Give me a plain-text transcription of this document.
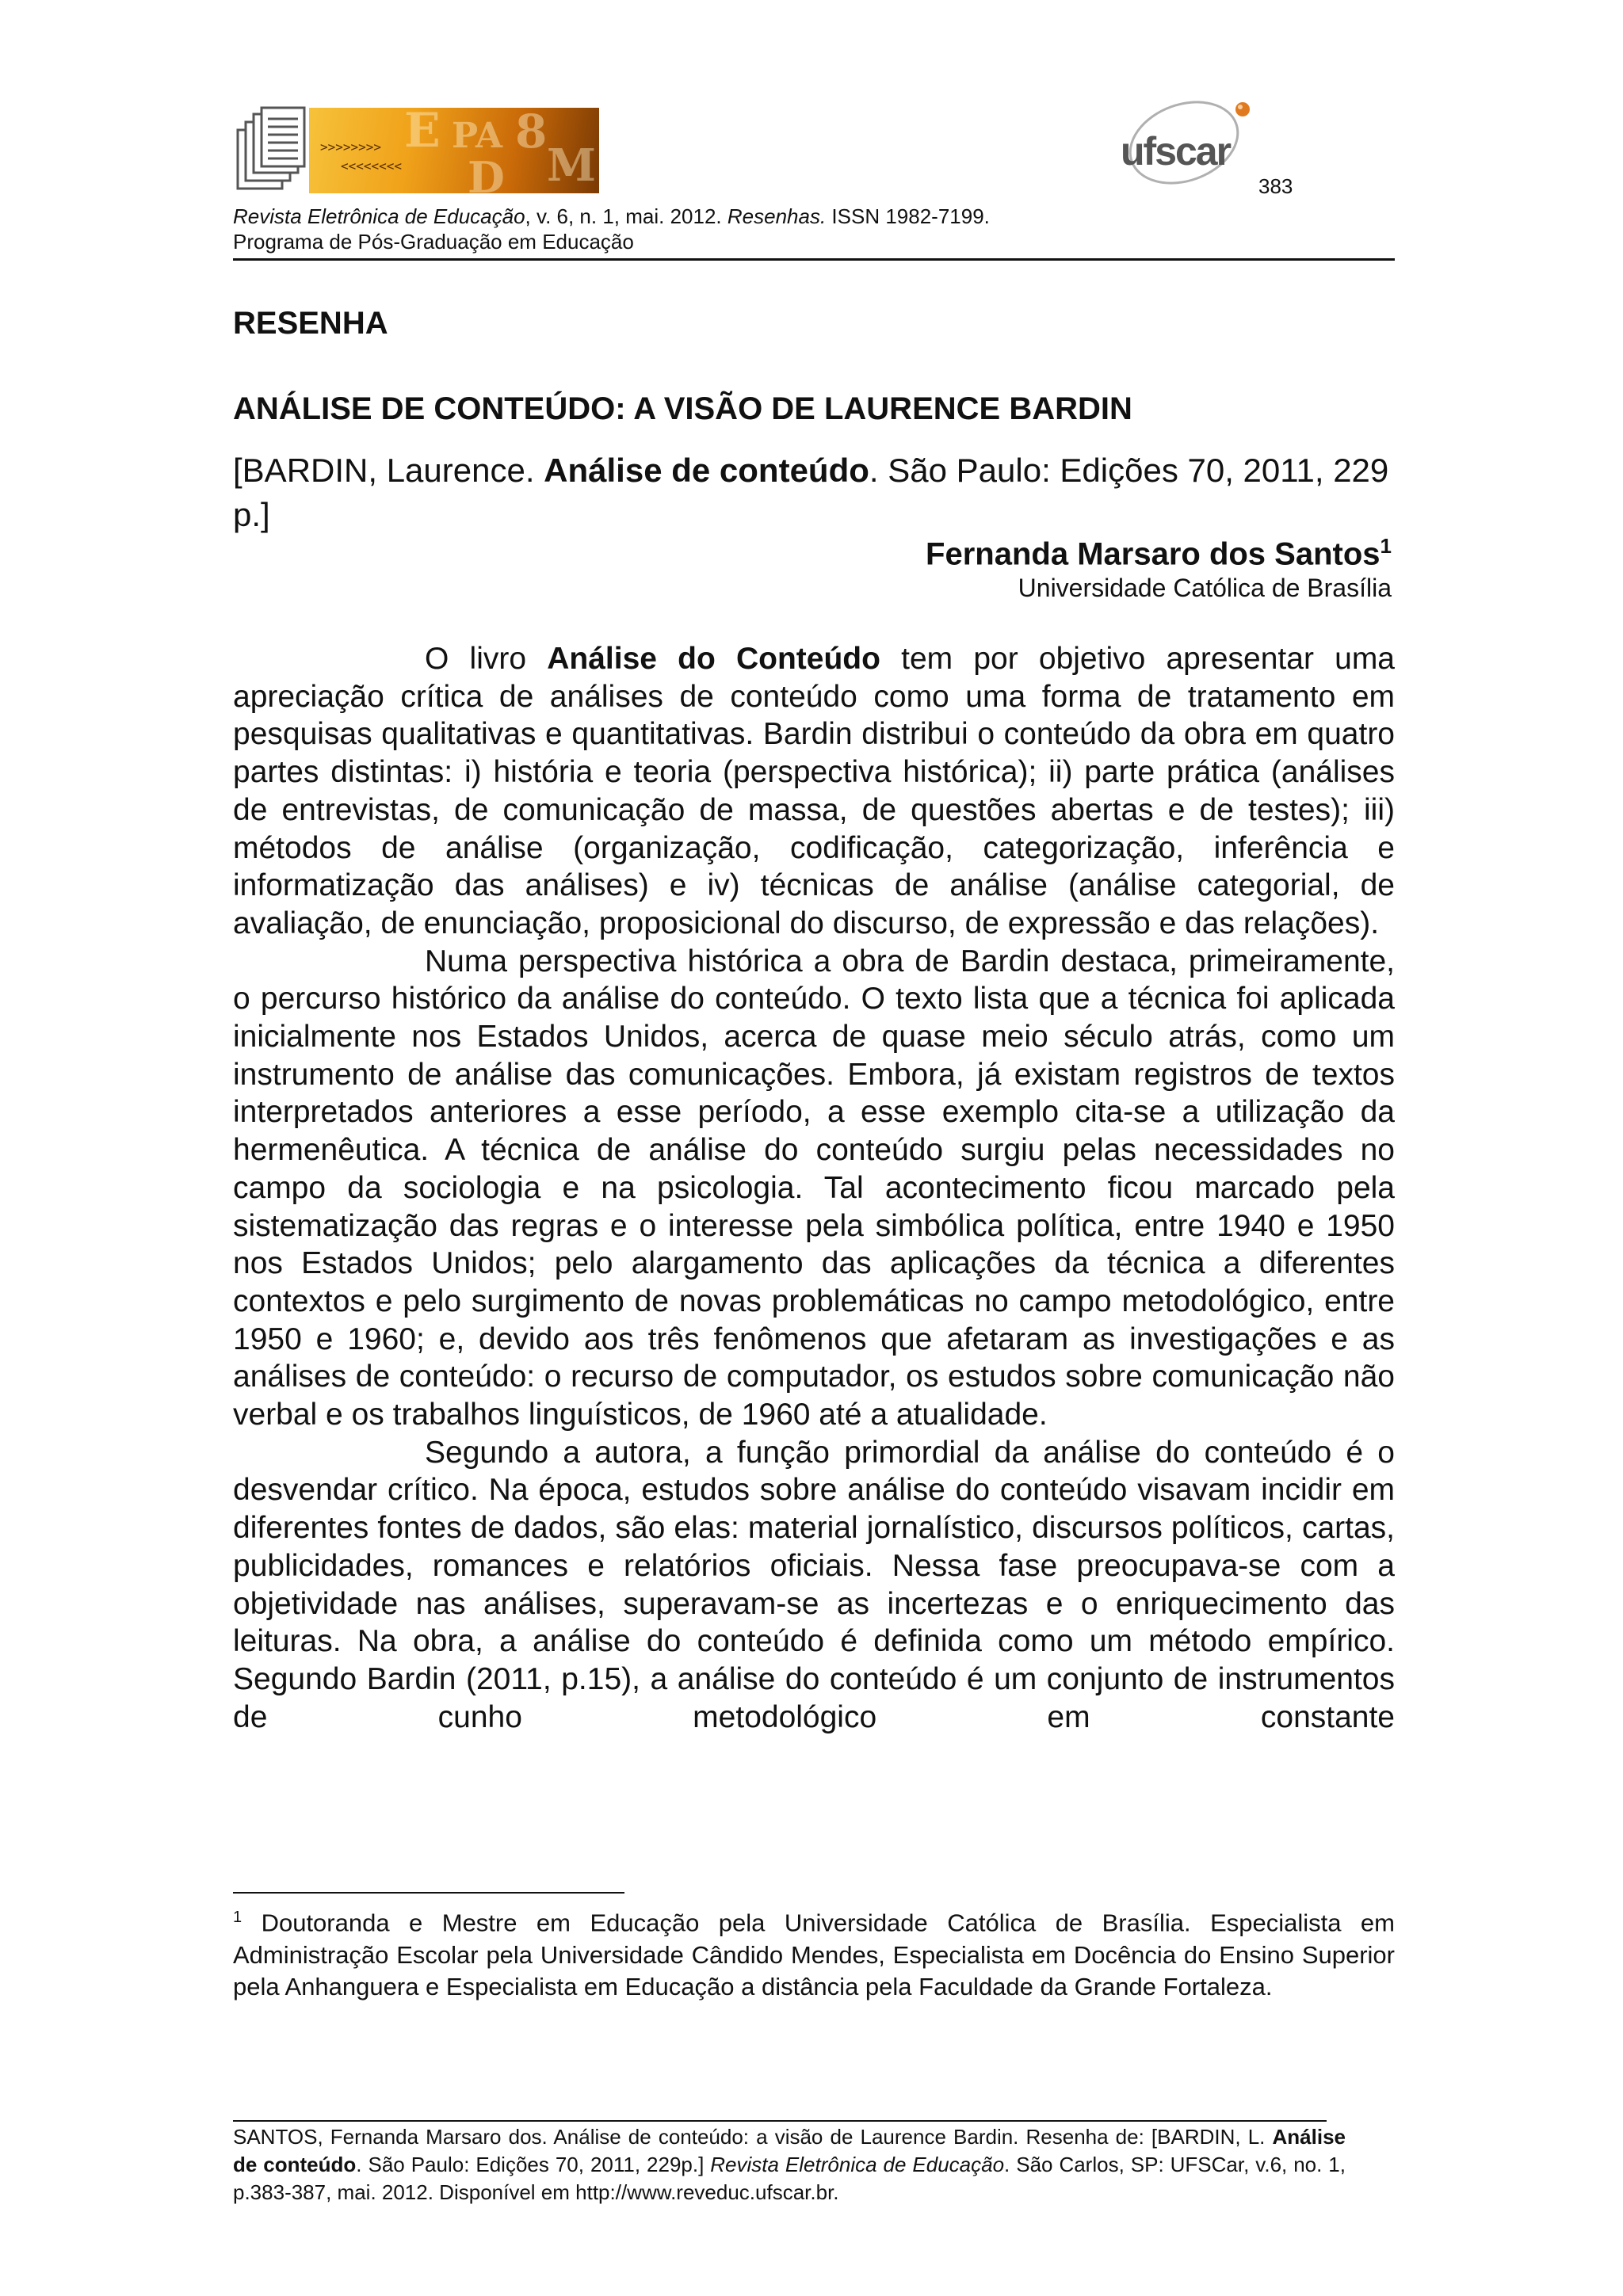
E PA 8
M
D
>>>>>>>>
<<<<<<<<	ufscar
383
Revista Eletrônica de Educação, v. 6, n. 1, mai. 2012. Resenhas. ISSN 1982-7199.
Programa de Pós-Graduação em Educação
RESENHA
ANÁLISE DE CONTEÚDO: A VISÃO DE LAURENCE BARDIN
[BARDIN, Laurence. Análise de conteúdo. São Paulo: Edições 70, 2011, 229 p.]
Fernanda Marsaro dos Santos$^1$
Universidade Católica de Brasília

O livro Análise do Conteúdo tem por objetivo apresentar uma apreciação crítica de análises de conteúdo como uma forma de tratamento em pesquisas qualitativas e quantitativas. Bardin distribui o conteúdo da obra em quatro partes distintas: i) história e teoria (perspectiva histórica); ii) parte prática (análises de entrevistas, de comunicação de massa, de questões abertas e de testes); iii) métodos de análise (organização, codificação, categorização, inferência e informatização das análises) e iv) técnicas de análise (análise categorial, de avaliação, de enunciação, proposicional do discurso, de expressão e das relações).

Numa perspectiva histórica a obra de Bardin destaca, primeiramente, o percurso histórico da análise do conteúdo. O texto lista que a técnica foi aplicada inicialmente nos Estados Unidos, acerca de quase meio século atrás, como um instrumento de análise das comunicações. Embora, já existam registros de textos interpretados anteriores a esse período, a esse exemplo cita-se a utilização da hermenêutica. A técnica de análise do conteúdo surgiu pelas necessidades no campo da sociologia e na psicologia. Tal acontecimento ficou marcado pela sistematização das regras e o interesse pela simbólica política, entre 1940 e 1950 nos Estados Unidos; pelo alargamento das aplicações da técnica a diferentes contextos e pelo surgimento de novas problemáticas no campo metodológico, entre 1950 e 1960; e, devido aos três fenômenos que afetaram as investigações e as análises de conteúdo: o recurso de computador, os estudos sobre comunicação não verbal e os trabalhos linguísticos, de 1960 até a atualidade.

Segundo a autora, a função primordial da análise do conteúdo é o desvendar crítico. Na época, estudos sobre análise do conteúdo visavam incidir em diferentes fontes de dados, são elas: material jornalístico, discursos políticos, cartas, publicidades, romances e relatórios oficiais. Nessa fase preocupava-se com a objetividade nas análises, superavam-se as incertezas e o enriquecimento das leituras. Na obra, a análise do conteúdo é definida como um método empírico. Segundo Bardin (2011, p.15), a análise do conteúdo é um conjunto de instrumentos de cunho metodológico em constante

$^1$ Doutoranda e Mestre em Educação pela Universidade Católica de Brasília. Especialista em Administração Escolar pela Universidade Cândido Mendes, Especialista em Docência do Ensino Superior pela Anhanguera e Especialista em Educação a distância pela Faculdade da Grande Fortaleza.
SANTOS, Fernanda Marsaro dos. Análise de conteúdo: a visão de Laurence Bardin. Resenha de: [BARDIN, L. Análise de conteúdo. São Paulo: Edições 70, 2011, 229p.] Revista Eletrônica de Educação. São Carlos, SP: UFSCar, v.6, no. 1, p.383-387, mai. 2012. Disponível em http://www.reveduc.ufscar.br.
